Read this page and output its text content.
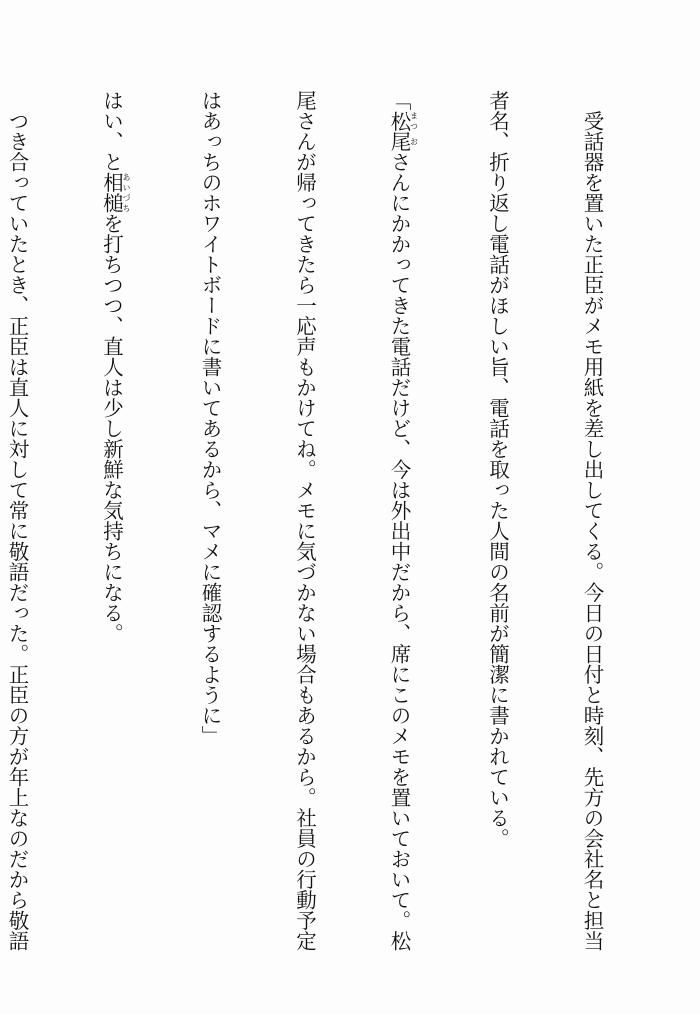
　受話器を置いた正臣がメモ用紙を差し出してくる。今日の日付と時刻、先方の会社名と担当

者名、折り返し電話がほしい旨、電話を取った人間の名前が簡潔に書かれている。

「松まつ尾おさんにかかってきた電話だけど、今は外出中だから、席にこのメモを置いておいて。松

尾さんが帰ってきたら一応声もかけてね。メモに気づかない場合もあるから。社員の行動予定

はあっちのホワイトボードに書いてあるから、マメに確認するように」

はい、と相槌あいづちを打ちつつ、直人は少し新鮮な気持ちになる。

　つき合っていたとき、正臣は直人に対して常に敬語だった。正臣の方が年上なのだから敬語
